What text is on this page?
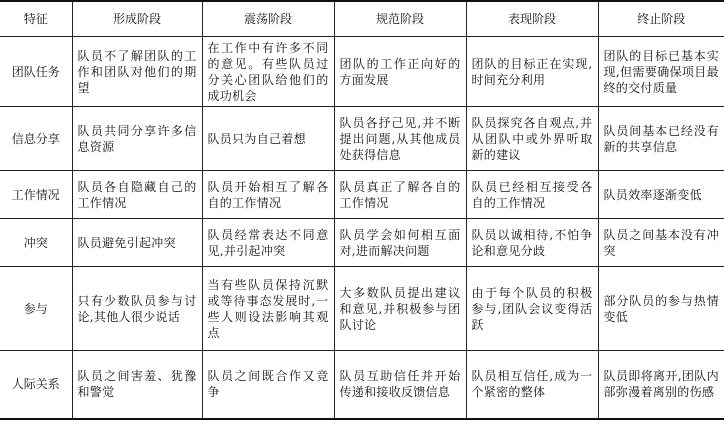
特征	形成阶段	震荡阶段	规范阶段	表现阶段	终止阶段
团队任务	队员不了解团队的工作和团队对他们的期望	在工作中有许多不同的意见。有些队员过分关心团队给他们的成功机会	团队的工作正向好的方面发展	团队的目标正在实现,时间充分利用	团队的目标已基本实现,但需要确保项目最终的交付质量
信息分享	队员共同分享许多信息资源	队员只为自己着想	队员各抒己见,并不断提出问题,从其他成员处获得信息	队员探究各自观点,并从团队中或外界听取新的建议	队员间基本已经没有新的共享信息
工作情况	队员各自隐藏自己的工作情况	队员开始相互了解各自的工作情况	队员真正了解各自的工作情况	队员已经相互接受各自的工作情况	队员效率逐渐变低
冲突	队员避免引起冲突	队员经常表达不同意见,并引起冲突	队员学会如何相互面对,进而解决问题	队员以诚相待,不怕争论和意见分歧	队员之间基本没有冲突
参与	只有少数队员参与讨论,其他人很少说话	当有些队员保持沉默或等待事态发展时,一些人则设法影响其观点	大多数队员提出建议和意见,并积极参与团队讨论	由于每个队员的积极参与,团队会议变得活跃	部分队员的参与热情变低
人际关系	队员之间害羞、犹豫和警觉	队员之间既合作又竞争	队员互助信任并开始传递和接收反馈信息	队员相互信任,成为一个紧密的整体	队员即将离开,团队内部弥漫着离别的伤感
